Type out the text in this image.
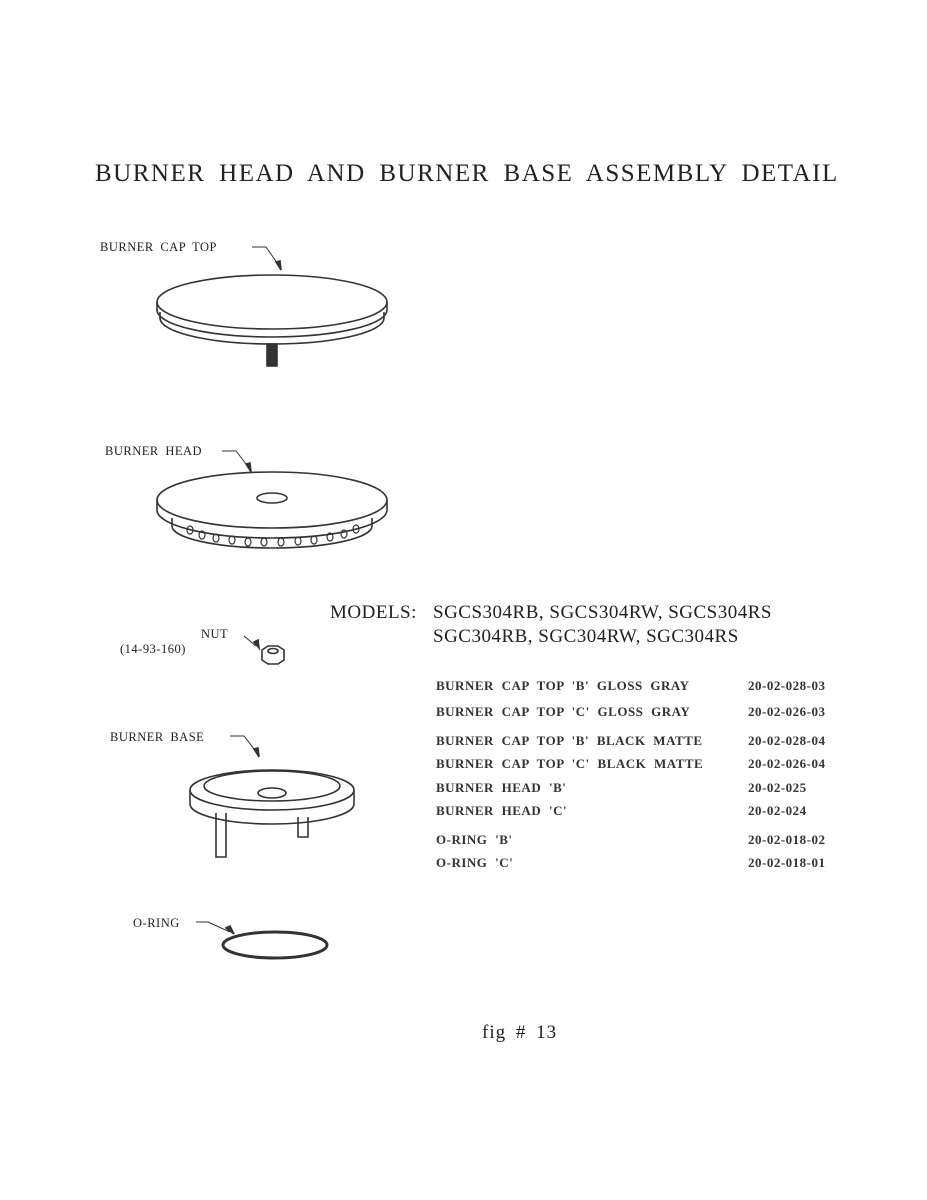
BURNER HEAD AND BURNER BASE ASSEMBLY DETAIL
BURNER CAP TOP
BURNER HEAD
NUT
(14-93-160)
BURNER BASE
O-RING
MODELS: SGCS304RB, SGCS304RW, SGCS304RS
SGC304RB, SGC304RW, SGC304RS
BURNER CAP TOP 'B' GLOSS GRAY	20-02-028-03
BURNER CAP TOP 'C' GLOSS GRAY	20-02-026-03
BURNER CAP TOP 'B' BLACK MATTE	20-02-028-04
BURNER CAP TOP 'C' BLACK MATTE	20-02-026-04
BURNER HEAD 'B'	20-02-025
BURNER HEAD 'C'	20-02-024
O-RING 'B'	20-02-018-02
O-RING 'C'	20-02-018-01
fig # 13
